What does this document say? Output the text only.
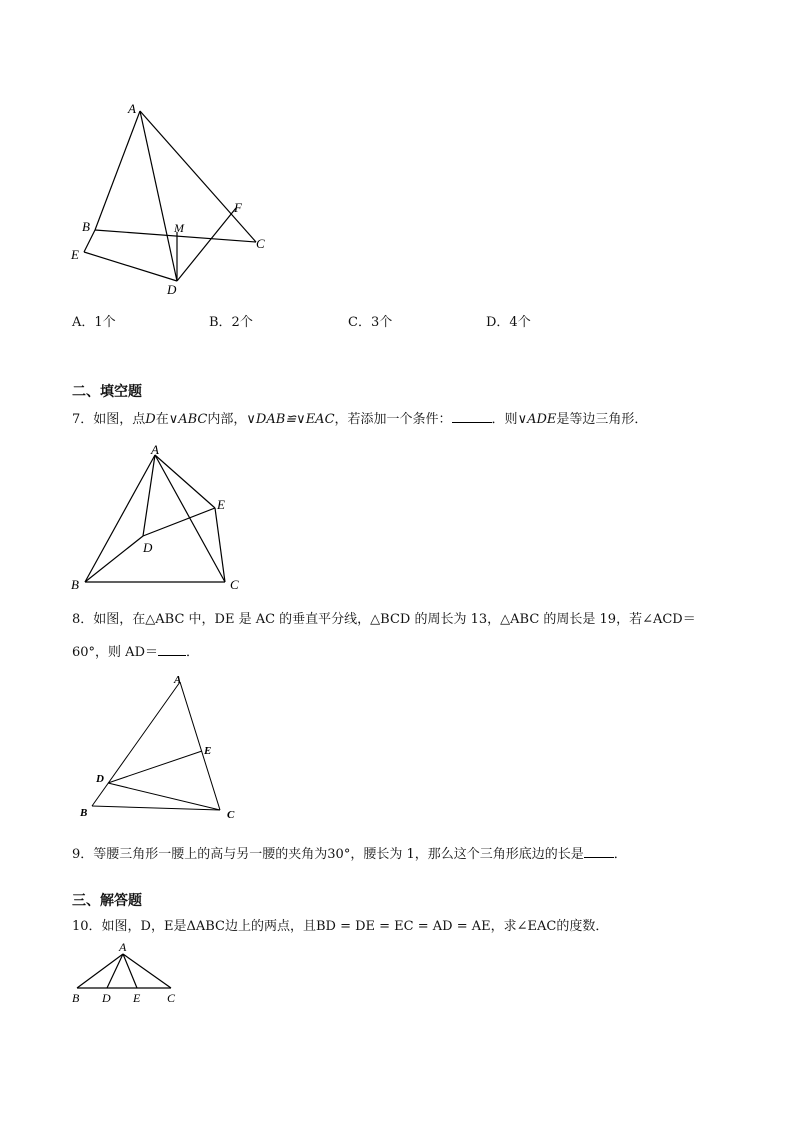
A
B
C
D
E
F
M
A．1个	B．2个	C．3个	D．4个
二、填空题
7．如图，点D在∨ABC内部，∨DAB≌∨EAC，若添加一个条件：	．则∨ADE是等边三角形．
A
B	C
D
E
8．如图，在△ABC 中，DE 是 AC 的垂直平分线，△BCD 的周长为 13，△ABC 的周长是 19，若∠ACD＝
60°，则 AD＝ ．
A
B	C
D
E
9．等腰三角形一腰上的高与另一腰的夹角为30°，腰长为 1，那么这个三角形底边的长是 ．
三、解答题
10．如图，D，E是ΔABC边上的两点，且BD = DE = EC = AD = AE，求∠EAC的度数．
A
B D E C
